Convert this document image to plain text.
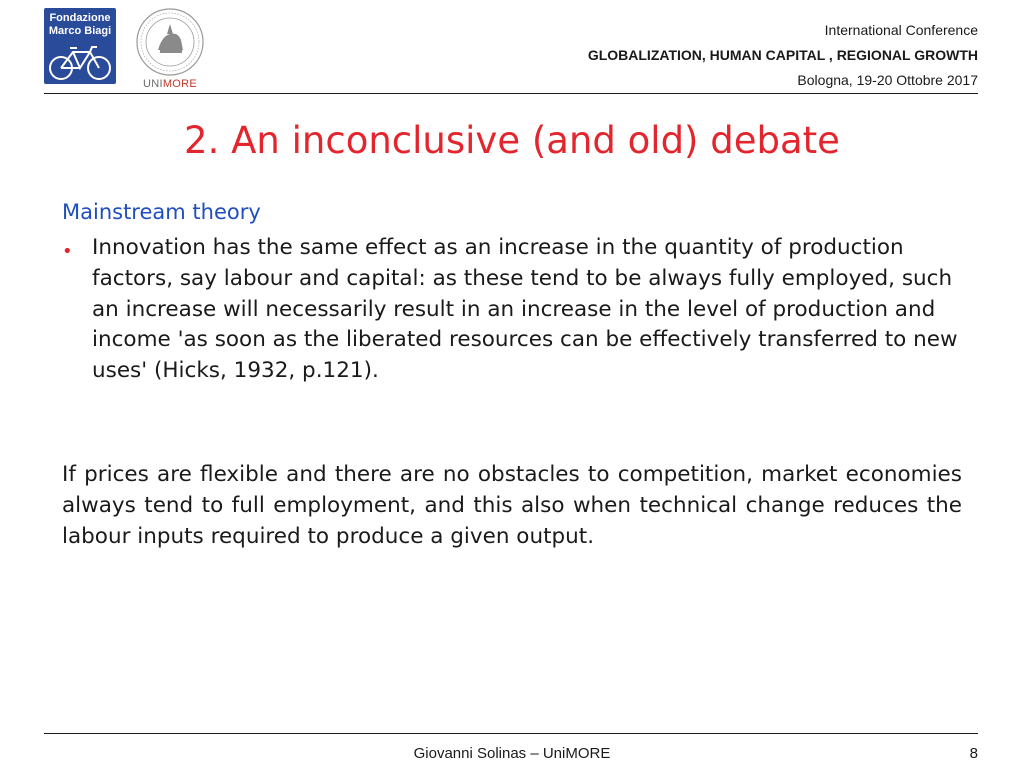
Fondazione
Marco Biagi
UNIMORE
International Conference
GLOBALIZATION, HUMAN CAPITAL , REGIONAL GROWTH
Bologna, 19-20 Ottobre 2017
2. An inconclusive (and old) debate
Mainstream theory
• Innovation has the same effect as an increase in the quantity of production factors, say labour and capital: as these tend to be always fully employed, such an increase will necessarily result in an increase in the level of production and income 'as soon as the liberated resources can be effectively transferred to new uses' (Hicks, 1932, p.121).
If prices are flexible and there are no obstacles to competition, market economies always tend to full employment, and this also when technical change reduces the labour inputs required to produce a given output.
Giovanni Solinas – UniMORE	8
